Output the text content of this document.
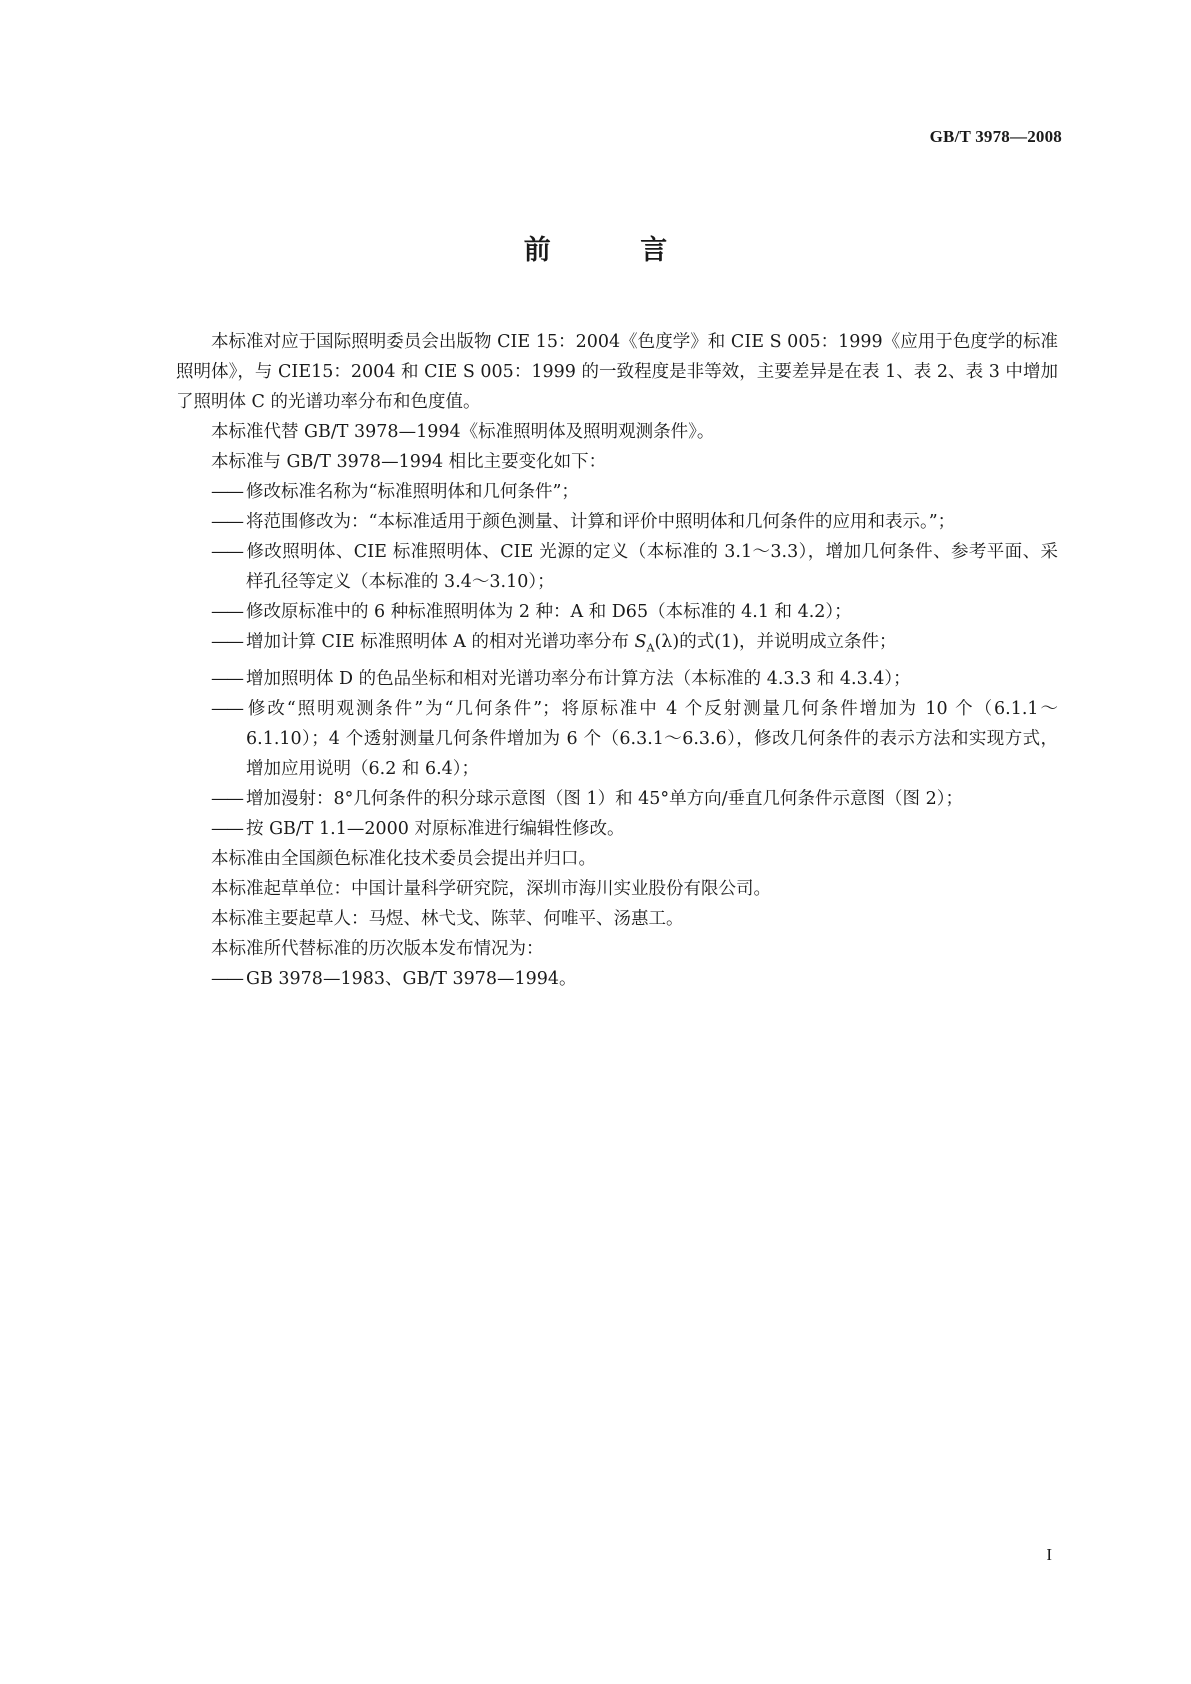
GB/T 3978—2008
前 言
本标准对应于国际照明委员会出版物 CIE 15：2004《色度学》和 CIE S 005：1999《应用于色度学的标准照明体》，与 CIE15：2004 和 CIE S 005：1999 的一致程度是非等效，主要差异是在表 1、表 2、表 3 中增加了照明体 C 的光谱功率分布和色度值。
本标准代替 GB/T 3978—1994《标准照明体及照明观测条件》。
本标准与 GB/T 3978—1994 相比主要变化如下：
—— 修改标准名称为“标准照明体和几何条件”；
—— 将范围修改为：“本标准适用于颜色测量、计算和评价中照明体和几何条件的应用和表示。”；
—— 修改照明体、CIE 标准照明体、CIE 光源的定义（本标准的 3.1～3.3），增加几何条件、参考平面、采样孔径等定义（本标准的 3.4～3.10）；
—— 修改原标准中的 6 种标准照明体为 2 种：A 和 D65（本标准的 4.1 和 4.2）；
—— 增加计算 CIE 标准照明体 A 的相对光谱功率分布 $S_A(\lambda)$的式(1)，并说明成立条件；
—— 增加照明体 D 的色品坐标和相对光谱功率分布计算方法（本标准的 4.3.3 和 4.3.4）；
—— 修改“照明观测条件”为“几何条件”；将原标准中 4 个反射测量几何条件增加为 10 个（6.1.1～6.1.10）；4 个透射测量几何条件增加为 6 个（6.3.1～6.3.6），修改几何条件的表示方法和实现方式，增加应用说明（6.2 和 6.4）；
—— 增加漫射：8°几何条件的积分球示意图（图 1）和 45°单方向/垂直几何条件示意图（图 2）；
—— 按 GB/T 1.1—2000 对原标准进行编辑性修改。
本标准由全国颜色标准化技术委员会提出并归口。
本标准起草单位：中国计量科学研究院，深圳市海川实业股份有限公司。
本标准主要起草人：马煜、林弋戈、陈苹、何唯平、汤惠工。
本标准所代替标准的历次版本发布情况为：
—— GB 3978—1983、GB/T 3978—1994。
I
